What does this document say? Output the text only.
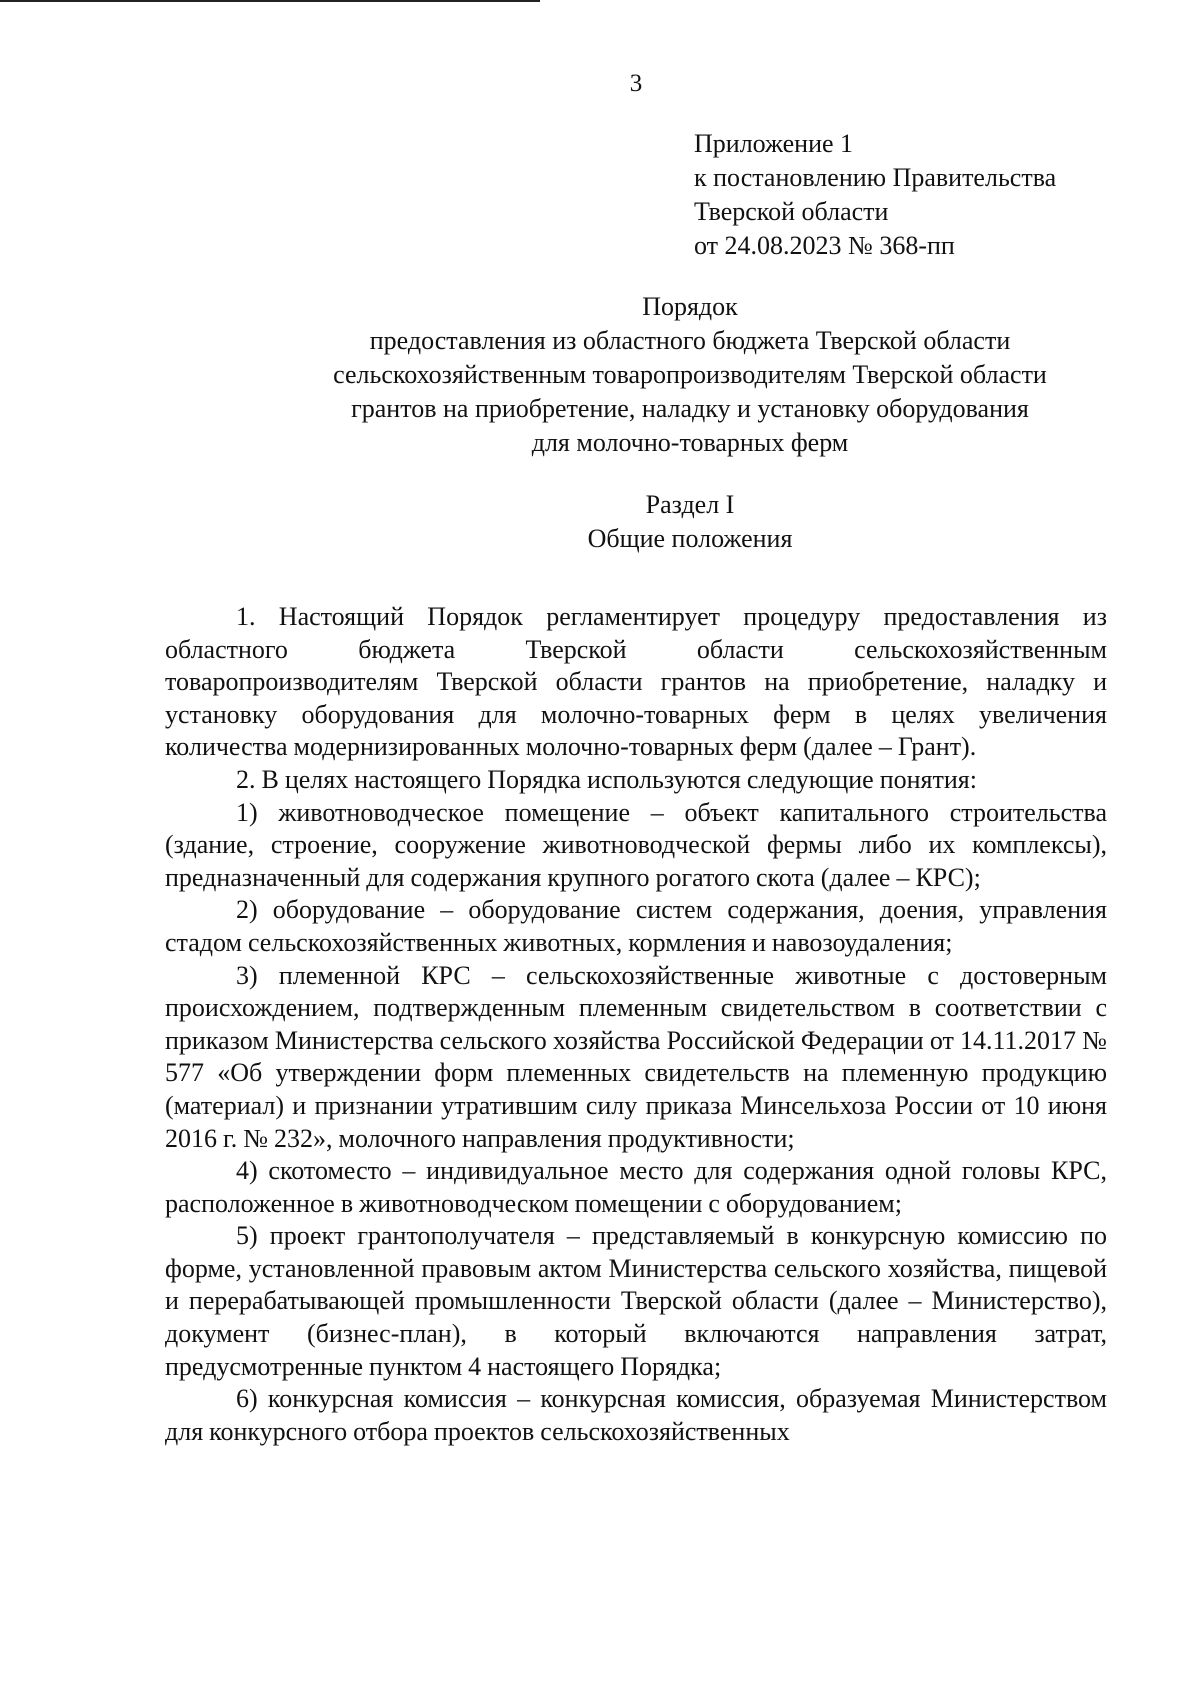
3
Приложение 1
к постановлению Правительства
Тверской области
от 24.08.2023 № 368-пп
Порядок
предоставления из областного бюджета Тверской области
сельскохозяйственным товаропроизводителям Тверской области
грантов на приобретение, наладку и установку оборудования
для молочно-товарных ферм
Раздел I
Общие положения

1. Настоящий Порядок регламентирует процедуру предоставления из областного бюджета Тверской области сельскохозяйственным товаропроизводителям Тверской области грантов на приобретение, наладку и установку оборудования для молочно-товарных ферм в целях увеличения количества модернизированных молочно-товарных ферм (далее – Грант).

2. В целях настоящего Порядка используются следующие понятия:

1) животноводческое помещение – объект капитального строительства (здание, строение, сооружение животноводческой фермы либо их комплексы), предназначенный для содержания крупного рогатого скота (далее – КРС);

2) оборудование – оборудование систем содержания, доения, управления стадом сельскохозяйственных животных, кормления и навозоудаления;

3) племенной КРС – сельскохозяйственные животные с достоверным происхождением, подтвержденным племенным свидетельством в соответствии с приказом Министерства сельского хозяйства Российской Федерации от 14.11.2017 № 577 «Об утверждении форм племенных свидетельств на племенную продукцию (материал) и признании утратившим силу приказа Минсельхоза России от 10 июня 2016 г. № 232», молочного направления продуктивности;

4) скотоместо – индивидуальное место для содержания одной головы КРС, расположенное в животноводческом помещении с оборудованием;

5) проект грантополучателя – представляемый в конкурсную комиссию по форме, установленной правовым актом Министерства сельского хозяйства, пищевой и перерабатывающей промышленности Тверской области (далее – Министерство), документ (бизнес-план), в который включаются направления затрат, предусмотренные пунктом 4 настоящего Порядка;

6) конкурсная комиссия – конкурсная комиссия, образуемая Министерством для конкурсного отбора проектов сельскохозяйственных
